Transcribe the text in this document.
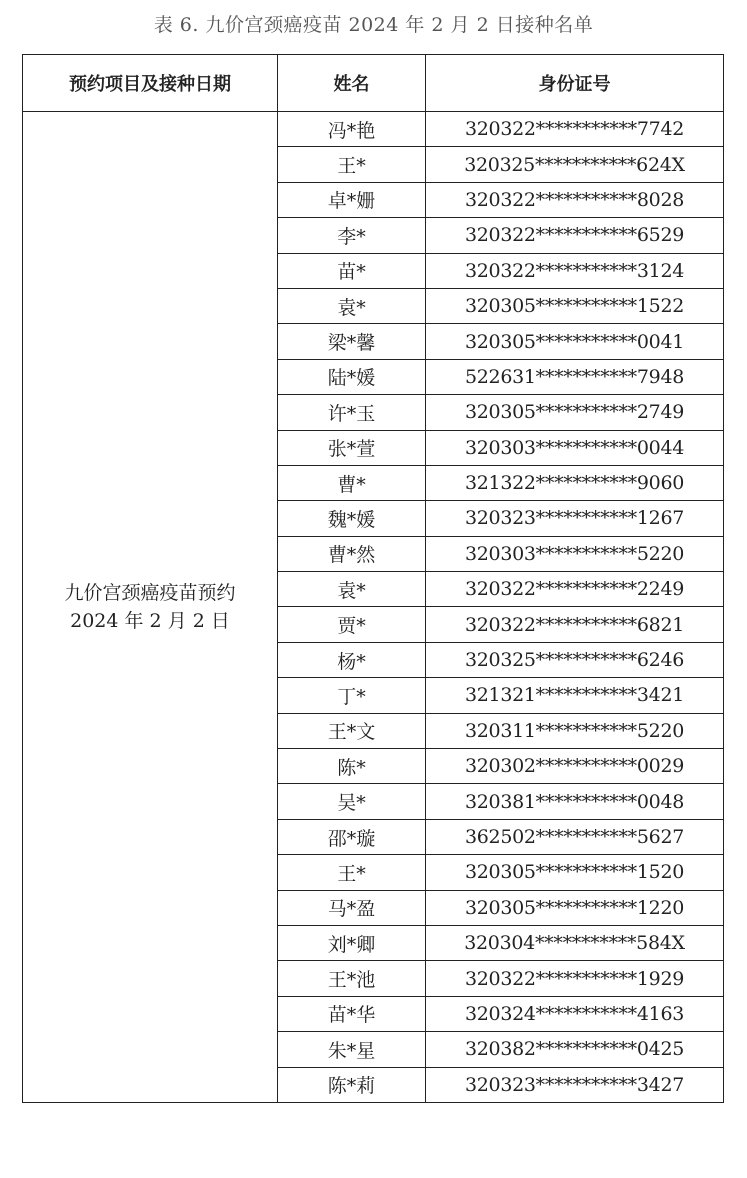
表 6. 九价宫颈癌疫苗 2024 年 2 月 2 日接种名单
预约项目及接种日期	姓名	身份证号

九价宫颈癌疫苗预约
2024 年 2 月 2 日	冯*艳	320322***********7742
	王*	320325***********624X
	卓*姗	320322***********8028
	李*	320322***********6529
	苗*	320322***********3124
	袁*	320305***********1522
	梁*馨	320305***********0041
	陆*媛	522631***********7948
	许*玉	320305***********2749
	张*萱	320303***********0044
	曹*	321322***********9060
	魏*媛	320323***********1267
	曹*然	320303***********5220
	袁*	320322***********2249
	贾*	320322***********6821
	杨*	320325***********6246
	丁*	321321***********3421
	王*文	320311***********5220
	陈*	320302***********0029
	吴*	320381***********0048
	邵*璇	362502***********5627
	王*	320305***********1520
	马*盈	320305***********1220
	刘*卿	320304***********584X
	王*池	320322***********1929
	苗*华	320324***********4163
	朱*星	320382***********0425
	陈*莉	320323***********3427
